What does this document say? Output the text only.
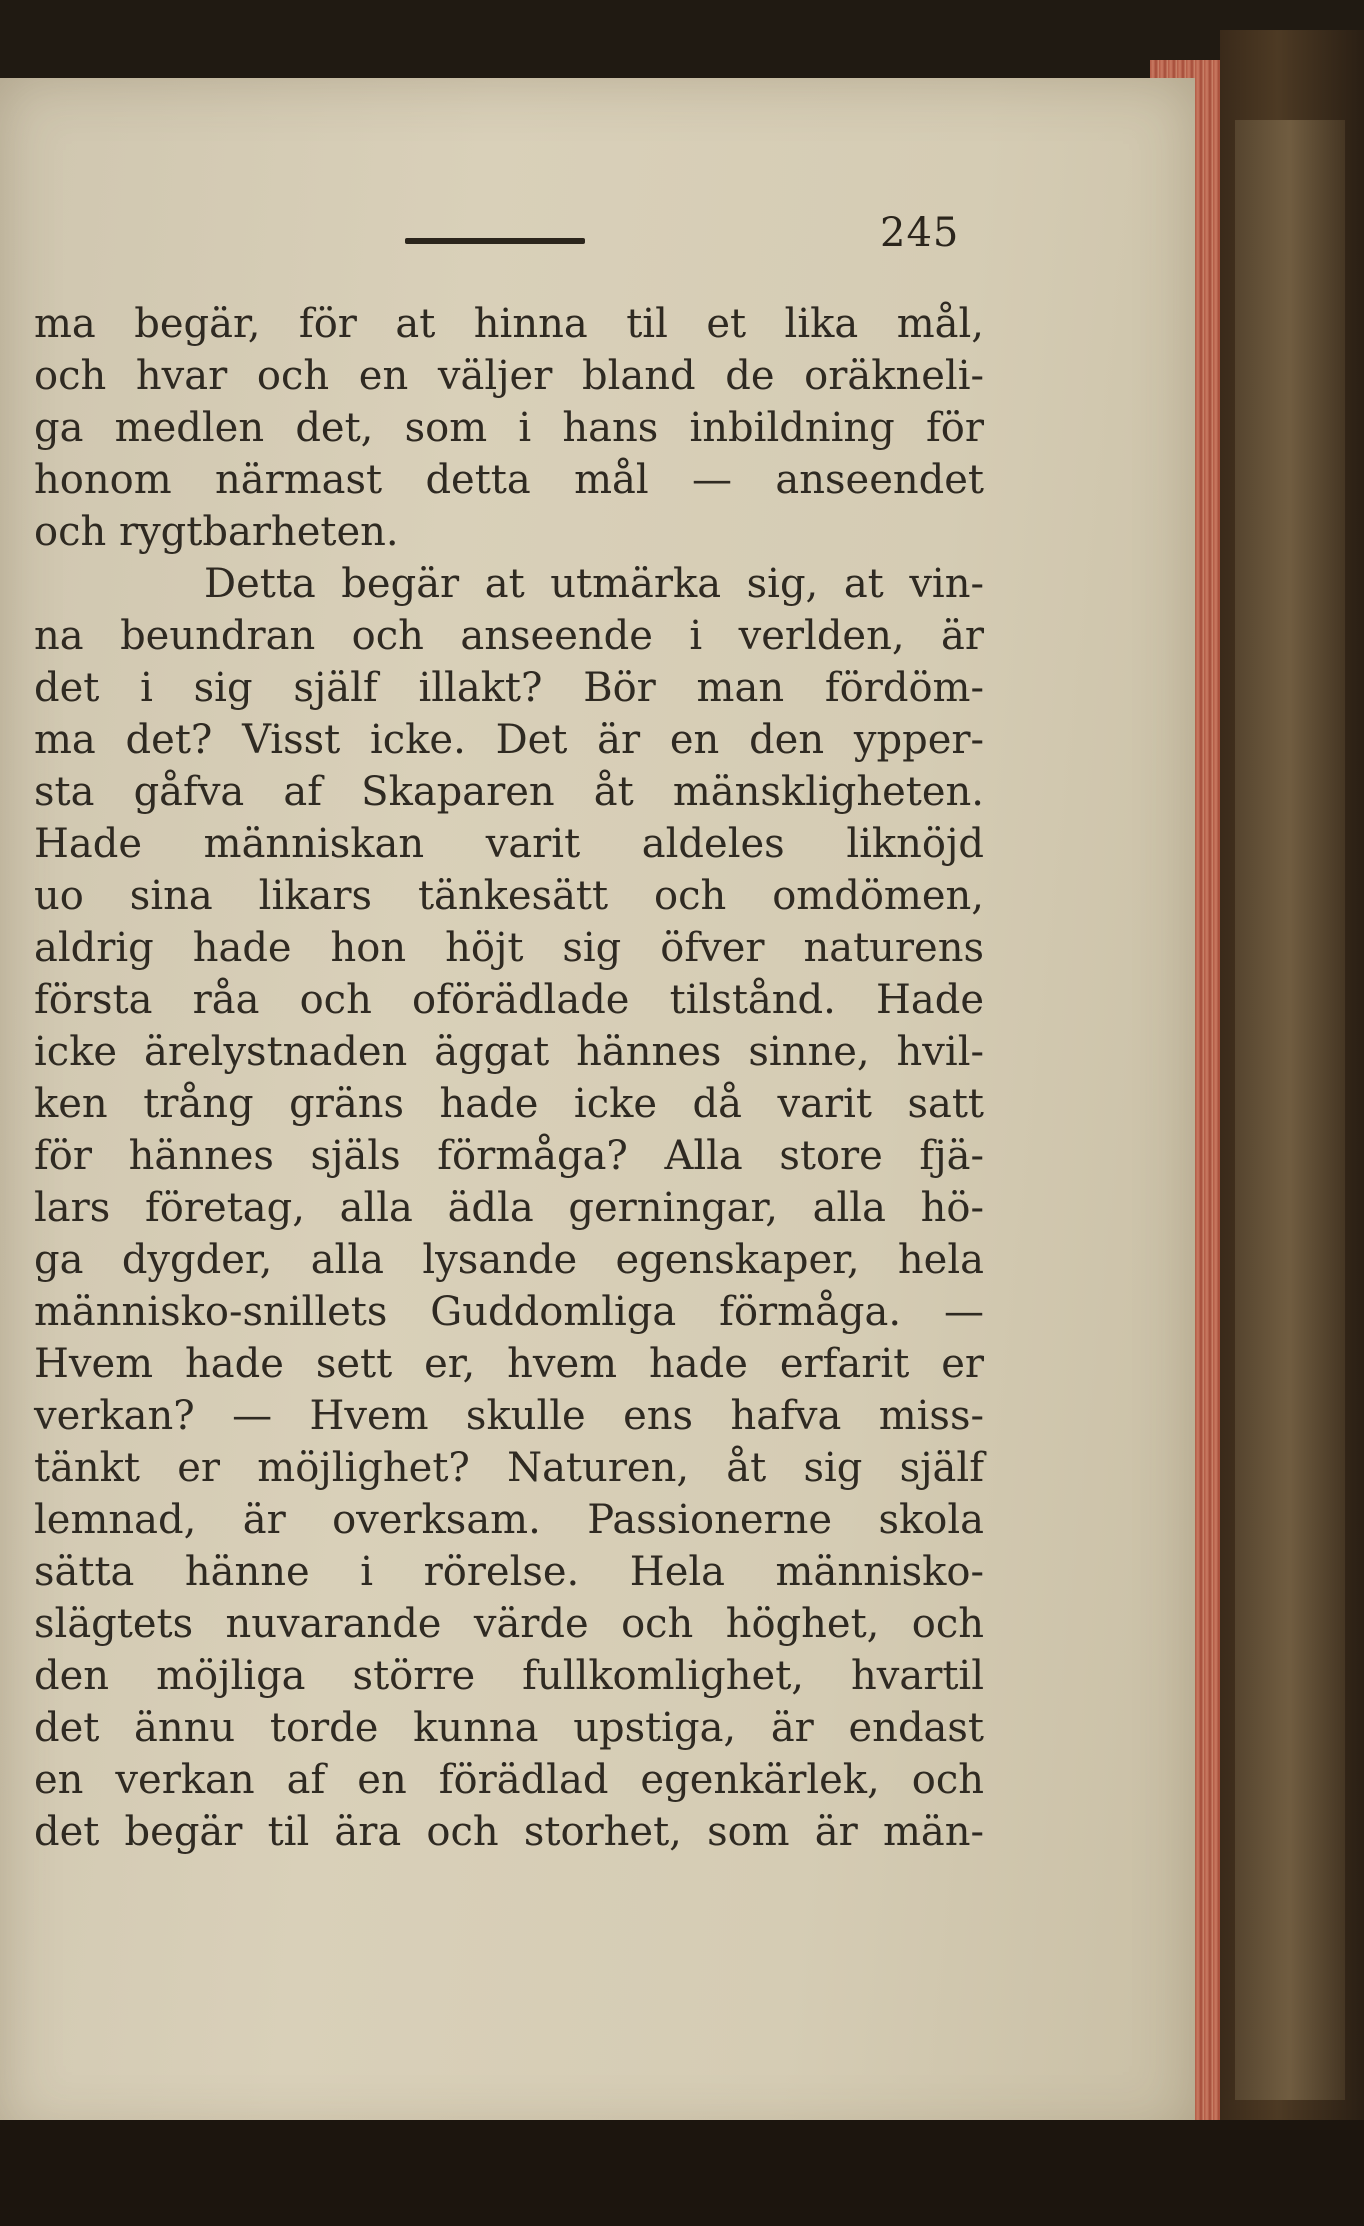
245
ma begär, för at hinna til et lika mål,
och hvar och en väljer bland de oräkneli-
ga medlen det, som i hans inbildning för
honom närmast detta mål — anseendet
och rygtbarheten.
Detta begär at utmärka sig, at vin-
na beundran och anseende i verlden, är
det i sig själf illakt? Bör man fördöm-
ma det? Visst icke. Det är en den ypper-
sta gåfva af Skaparen åt mänskligheten.
Hade människan varit aldeles liknöjd
uo sina likars tänkesätt och omdömen,
aldrig hade hon höjt sig öfver naturens
första råa och oförädlade tilstånd. Hade
icke ärelystnaden äggat hännes sinne, hvil-
ken trång gräns hade icke då varit satt
för hännes själs förmåga? Alla store fjä-
lars företag, alla ädla gerningar, alla hö-
ga dygder, alla lysande egenskaper, hela
människo-snillets Guddomliga förmåga. —
Hvem hade sett er, hvem hade erfarit er
verkan? — Hvem skulle ens hafva miss-
tänkt er möjlighet? Naturen, åt sig själf
lemnad, är overksam. Passionerne skola
sätta hänne i rörelse. Hela människo-
slägtets nuvarande värde och höghet, och
den möjliga större fullkomlighet, hvartil
det ännu torde kunna upstiga, är endast
en verkan af en förädlad egenkärlek, och
det begär til ära och storhet, som är män-
